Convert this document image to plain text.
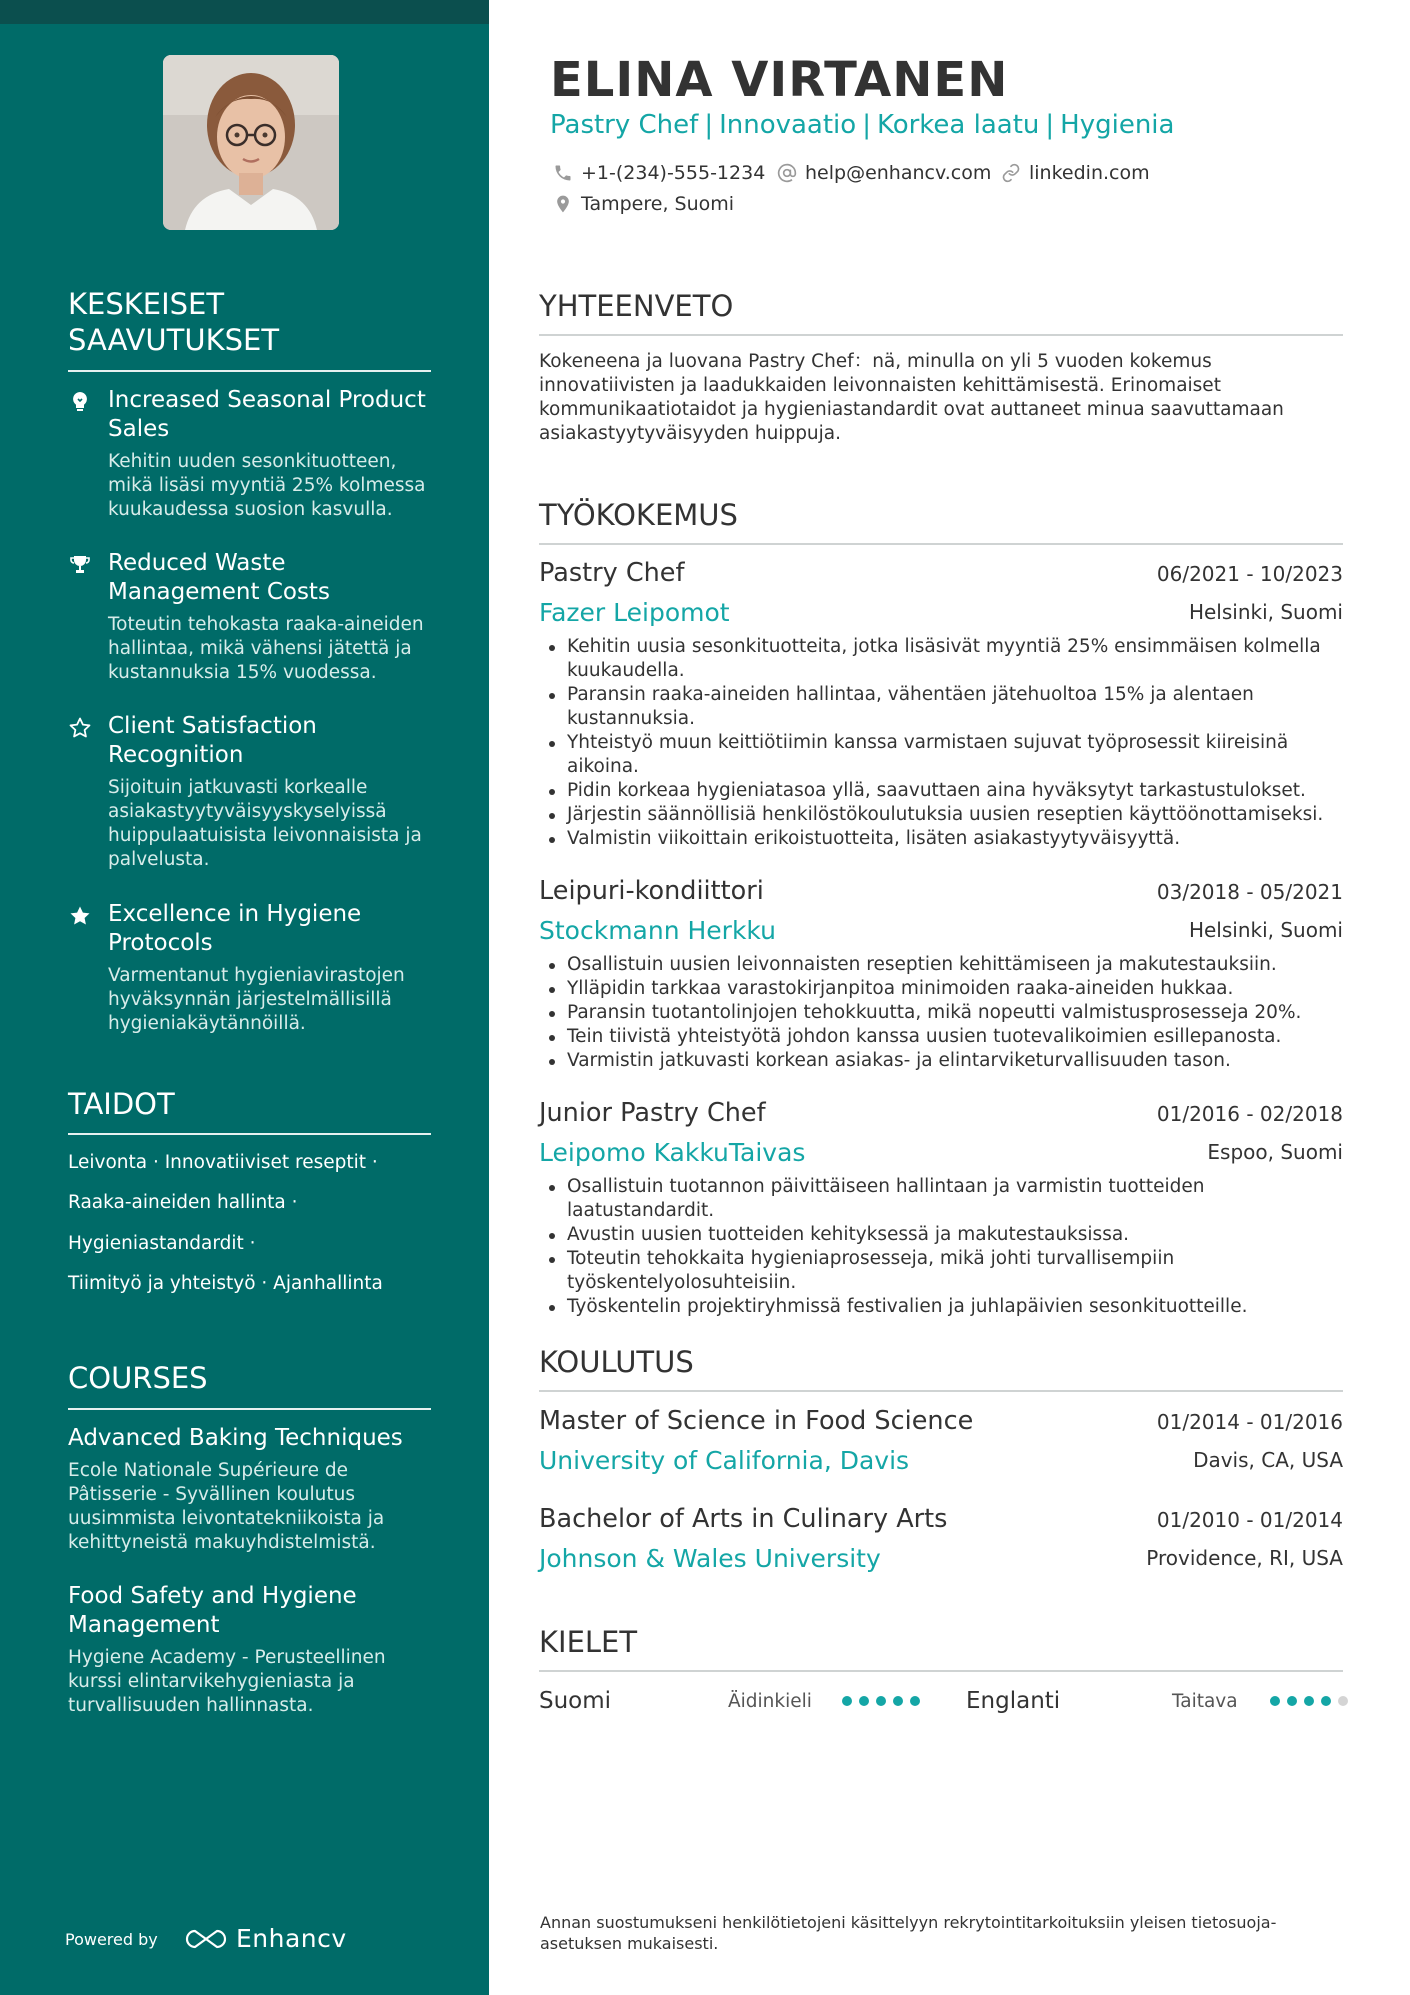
KESKEISET SAAVUTUKSET
Increased Seasonal Product Sales
Kehitin uuden sesonkituotteen, mikä lisäsi myyntiä 25% kolmessa kuukaudessa suosion kasvulla.
Reduced Waste Management Costs
Toteutin tehokasta raaka-aineiden hallintaa, mikä vähensi jätettä ja kustannuksia 15% vuodessa.
Client Satisfaction Recognition
Sijoituin jatkuvasti korkealle asiakastyytyväisyyskyselyissä huippulaatuisista leivonnaisista ja palvelusta.
Excellence in Hygiene Protocols
Varmentanut hygieniavirastojen hyväksynnän järjestelmällisillä hygieniakäytännöillä.
TAIDOT
Leivonta · Innovatiiviset reseptit ·
Raaka-aineiden hallinta ·
Hygieniastandardit ·
Tiimityö ja yhteistyö · Ajanhallinta
COURSES
Advanced Baking Techniques
Ecole Nationale Supérieure de Pâtisserie - Syvällinen koulutus uusimmista leivontatekniikoista ja kehittyneistä makuyhdistelmistä.
Food Safety and Hygiene Management
Hygiene Academy - Perusteellinen kurssi elintarvikehygieniasta ja turvallisuuden hallinnasta.
Powered by	Enhancv
ELINA VIRTANEN
Pastry Chef | Innovaatio | Korkea laatu | Hygienia
+1-(234)-555-1234 help@enhancv.com linkedin.com
Tampere, Suomi
YHTEENVETO

Kokeneena ja luovana Pastry Chef：nä, minulla on yli 5 vuoden kokemus innovatiivisten ja laadukkaiden leivonnaisten kehittämisestä. Erinomaiset kommunikaatiotaidot ja hygieniastandardit ovat auttaneet minua saavuttamaan asiakastyytyväisyyden huippuja.

TYÖKOKEMUS
Pastry Chef	06/2021 - 10/2023
Fazer Leipomot	Helsinki, Suomi
Kehitin uusia sesonkituotteita, jotka lisäsivät myyntiä 25% ensimmäisen kolmella kuukaudella.
Paransin raaka-aineiden hallintaa, vähentäen jätehuoltoa 15% ja alentaen kustannuksia.
Yhteistyö muun keittiötiimin kanssa varmistaen sujuvat työprosessit kiireisinä aikoina.
Pidin korkeaa hygieniatasoa yllä, saavuttaen aina hyväksytyt tarkastustulokset.
Järjestin säännöllisiä henkilöstökoulutuksia uusien reseptien käyttöönottamiseksi.
Valmistin viikoittain erikoistuotteita, lisäten asiakastyytyväisyyttä.
Leipuri-kondiittori	03/2018 - 05/2021
Stockmann Herkku	Helsinki, Suomi
Osallistuin uusien leivonnaisten reseptien kehittämiseen ja makutestauksiin.
Ylläpidin tarkkaa varastokirjanpitoa minimoiden raaka-aineiden hukkaa.
Paransin tuotantolinjojen tehokkuutta, mikä nopeutti valmistusprosesseja 20%.
Tein tiivistä yhteistyötä johdon kanssa uusien tuotevalikoimien esillepanosta.
Varmistin jatkuvasti korkean asiakas- ja elintarviketurvallisuuden tason.
Junior Pastry Chef	01/2016 - 02/2018
Leipomo KakkuTaivas	Espoo, Suomi
Osallistuin tuotannon päivittäiseen hallintaan ja varmistin tuotteiden laatustandardit.
Avustin uusien tuotteiden kehityksessä ja makutestauksissa.
Toteutin tehokkaita hygieniaprosesseja, mikä johti turvallisempiin työskentelyolosuhteisiin.
Työskentelin projektiryhmissä festivalien ja juhlapäivien sesonkituotteille.
KOULUTUS
Master of Science in Food Science	01/2014 - 01/2016
University of California, Davis	Davis, CA, USA
Bachelor of Arts in Culinary Arts	01/2010 - 01/2014
Johnson & Wales University	Providence, RI, USA
KIELET
Suomi	Äidinkieli	Englanti	Taitava

Annan suostumukseni henkilötietojeni käsittelyyn rekrytointitarkoituksiin yleisen tietosuoja-asetuksen mukaisesti.
